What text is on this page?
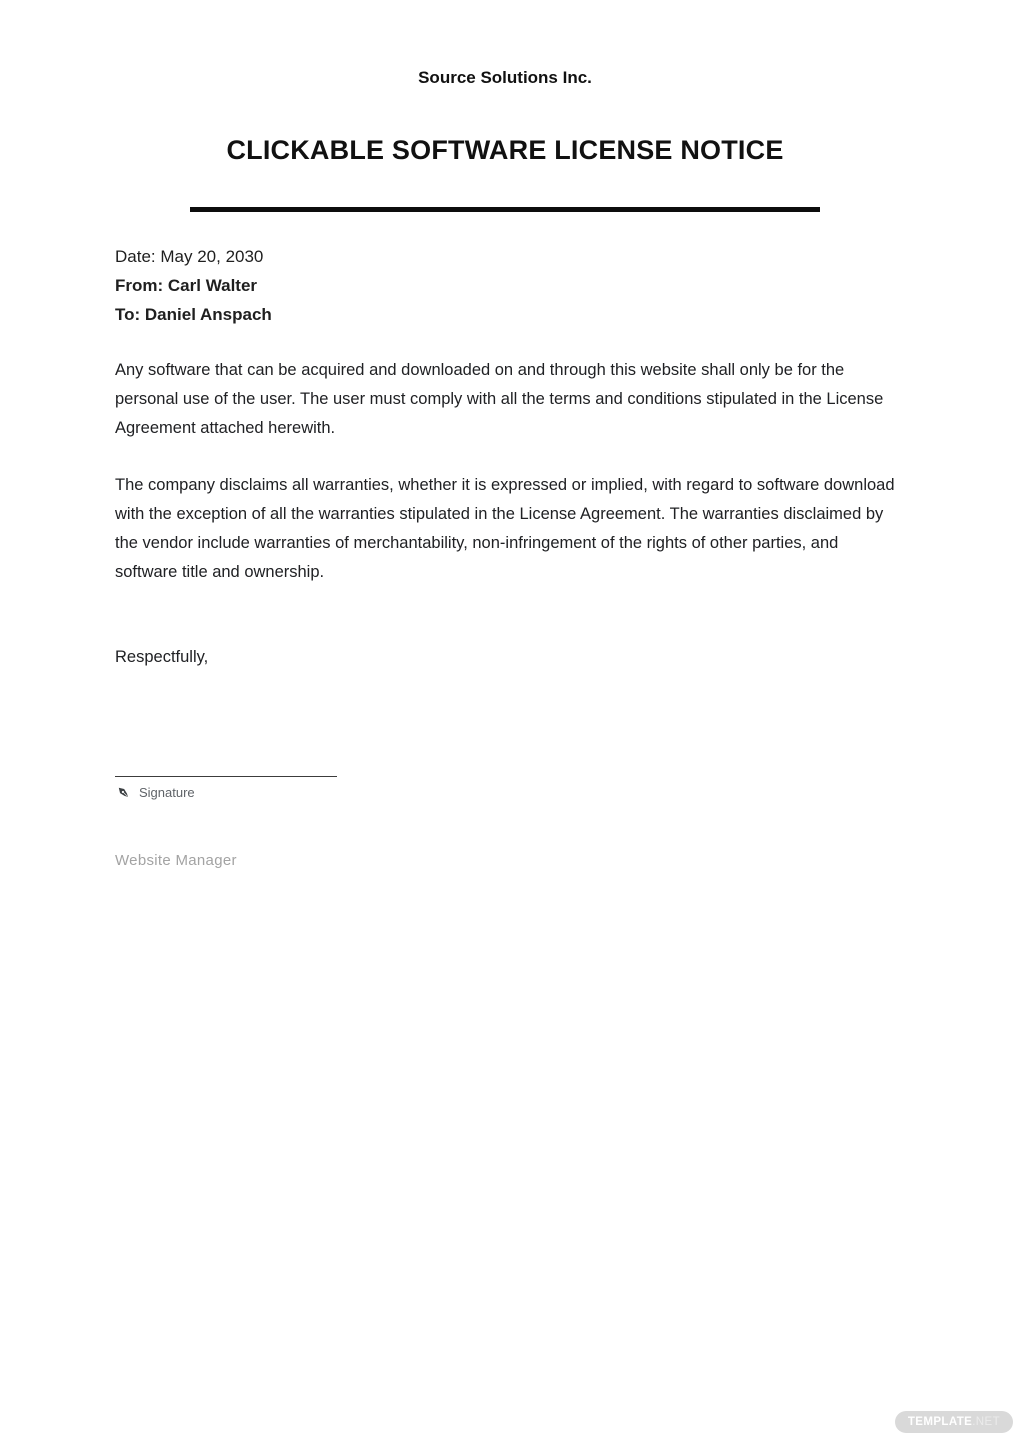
Source Solutions Inc.
CLICKABLE SOFTWARE LICENSE NOTICE
Date: May 20, 2030
From: Carl Walter
To: Daniel Anspach

Any software that can be acquired and downloaded on and through this website shall only be for the personal use of the user. The user must comply with all the terms and conditions stipulated in the License Agreement attached herewith.

The company disclaims all warranties, whether it is expressed or implied, with regard to software download with the exception of all the warranties stipulated in the License Agreement. The warranties disclaimed by the vendor include warranties of merchantability, non-infringement of the rights of other parties, and software title and ownership.

Respectfully,

Signature
Website Manager
TEMPLATE .NET
